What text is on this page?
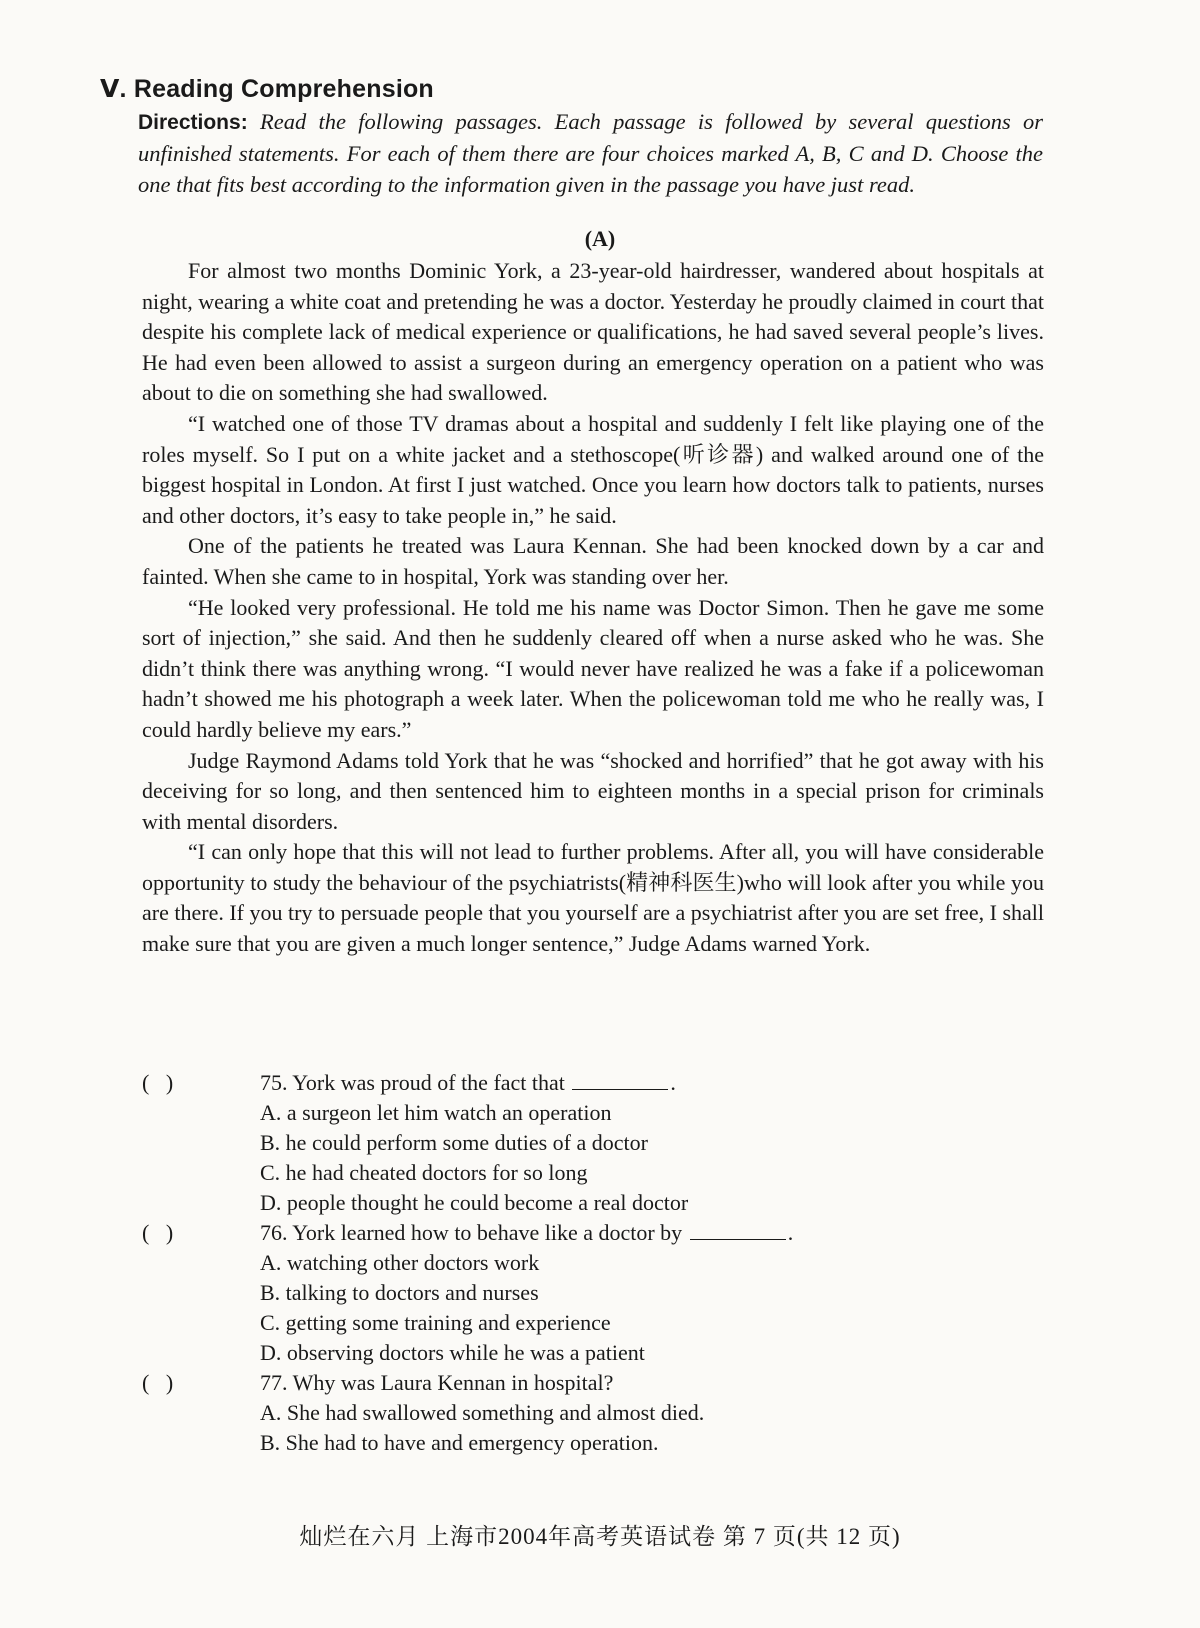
Ⅴ. Reading Comprehension
Directions: Read the following passages. Each passage is followed by several questions or unfinished statements. For each of them there are four choices marked A, B, C and D. Choose the one that fits best according to the information given in the passage you have just read.
(A)

For almost two months Dominic York, a 23-year-old hairdresser, wandered about hospitals at night, wearing a white coat and pretending he was a doctor. Yesterday he proudly claimed in court that despite his complete lack of medical experience or qualifications, he had saved several people’s lives. He had even been allowed to assist a surgeon during an emergency operation on a patient who was about to die on something she had swallowed.

“I watched one of those TV dramas about a hospital and suddenly I felt like playing one of the roles myself. So I put on a white jacket and a stethoscope(听诊器) and walked around one of the biggest hospital in London. At first I just watched. Once you learn how doctors talk to patients, nurses and other doctors, it’s easy to take people in,” he said.

One of the patients he treated was Laura Kennan. She had been knocked down by a car and fainted. When she came to in hospital, York was standing over her.

“He looked very professional. He told me his name was Doctor Simon. Then he gave me some sort of injection,” she said. And then he suddenly cleared off when a nurse asked who he was. She didn’t think there was anything wrong. “I would never have realized he was a fake if a policewoman hadn’t showed me his photograph a week later. When the policewoman told me who he really was, I could hardly believe my ears.”

Judge Raymond Adams told York that he was “shocked and horrified” that he got away with his deceiving for so long, and then sentenced him to eighteen months in a special prison for criminals with mental disorders.

“I can only hope that this will not lead to further problems. After all, you will have considerable opportunity to study the behaviour of the psychiatrists(精神科医生)who will look after you while you are there. If you try to persuade people that you yourself are a psychiatrist after you are set free, I shall make sure that you are given a much longer sentence,” Judge Adams warned York.

(   )	75. York was proud of the fact that	.
A. a surgeon let him watch an operation
B. he could perform some duties of a doctor
C. he had cheated doctors for so long
D. people thought he could become a real doctor
(   )	76. York learned how to behave like a doctor by	.
A. watching other doctors work
B. talking to doctors and nurses
C. getting some training and experience
D. observing doctors while he was a patient
(   )	77. Why was Laura Kennan in hospital?
A. She had swallowed something and almost died.
B. She had to have and emergency operation.
灿烂在六月 上海市2004年高考英语试卷 第 7 页(共 12 页)
